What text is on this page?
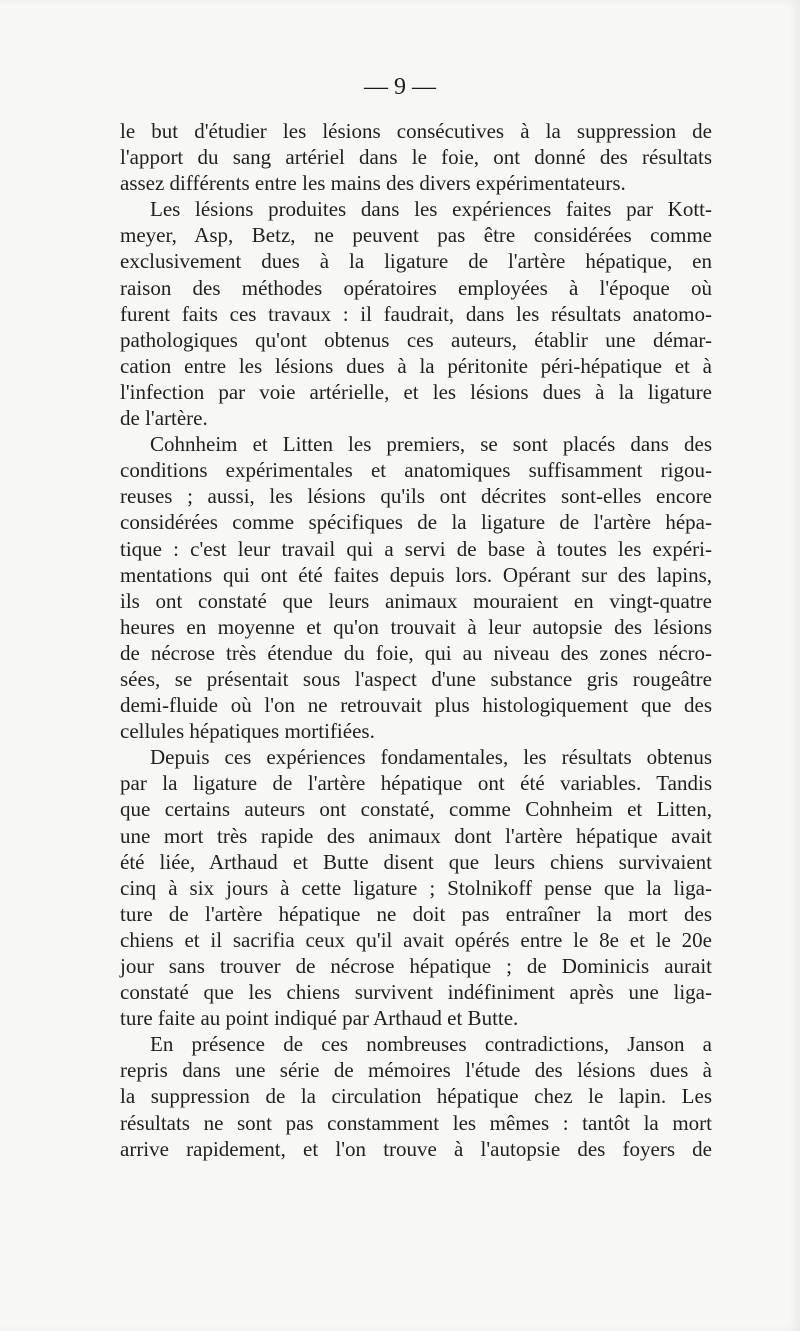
— 9 —
le but d'étudier les lésions consécutives à la suppression de
l'apport du sang artériel dans le foie, ont donné des résultats
assez différents entre les mains des divers expérimentateurs.
Les lésions produites dans les expériences faites par Kott-
meyer, Asp, Betz, ne peuvent pas être considérées comme
exclusivement dues à la ligature de l'artère hépatique, en
raison des méthodes opératoires employées à l'époque où
furent faits ces travaux : il faudrait, dans les résultats anatomo-
pathologiques qu'ont obtenus ces auteurs, établir une démar-
cation entre les lésions dues à la péritonite péri-hépatique et à
l'infection par voie artérielle, et les lésions dues à la ligature
de l'artère.
Cohnheim et Litten les premiers, se sont placés dans des
conditions expérimentales et anatomiques suffisamment rigou-
reuses ; aussi, les lésions qu'ils ont décrites sont-elles encore
considérées comme spécifiques de la ligature de l'artère hépa-
tique : c'est leur travail qui a servi de base à toutes les expéri-
mentations qui ont été faites depuis lors. Opérant sur des lapins,
ils ont constaté que leurs animaux mouraient en vingt-quatre
heures en moyenne et qu'on trouvait à leur autopsie des lésions
de nécrose très étendue du foie, qui au niveau des zones nécro-
sées, se présentait sous l'aspect d'une substance gris rougeâtre
demi-fluide où l'on ne retrouvait plus histologiquement que des
cellules hépatiques mortifiées.
Depuis ces expériences fondamentales, les résultats obtenus
par la ligature de l'artère hépatique ont été variables. Tandis
que certains auteurs ont constaté, comme Cohnheim et Litten,
une mort très rapide des animaux dont l'artère hépatique avait
été liée, Arthaud et Butte disent que leurs chiens survivaient
cinq à six jours à cette ligature ; Stolnikoff pense que la liga-
ture de l'artère hépatique ne doit pas entraîner la mort des
chiens et il sacrifia ceux qu'il avait opérés entre le 8e et le 20e
jour sans trouver de nécrose hépatique ; de Dominicis aurait
constaté que les chiens survivent indéfiniment après une liga-
ture faite au point indiqué par Arthaud et Butte.
En présence de ces nombreuses contradictions, Janson a
repris dans une série de mémoires l'étude des lésions dues à
la suppression de la circulation hépatique chez le lapin. Les
résultats ne sont pas constamment les mêmes : tantôt la mort
arrive rapidement, et l'on trouve à l'autopsie des foyers de
